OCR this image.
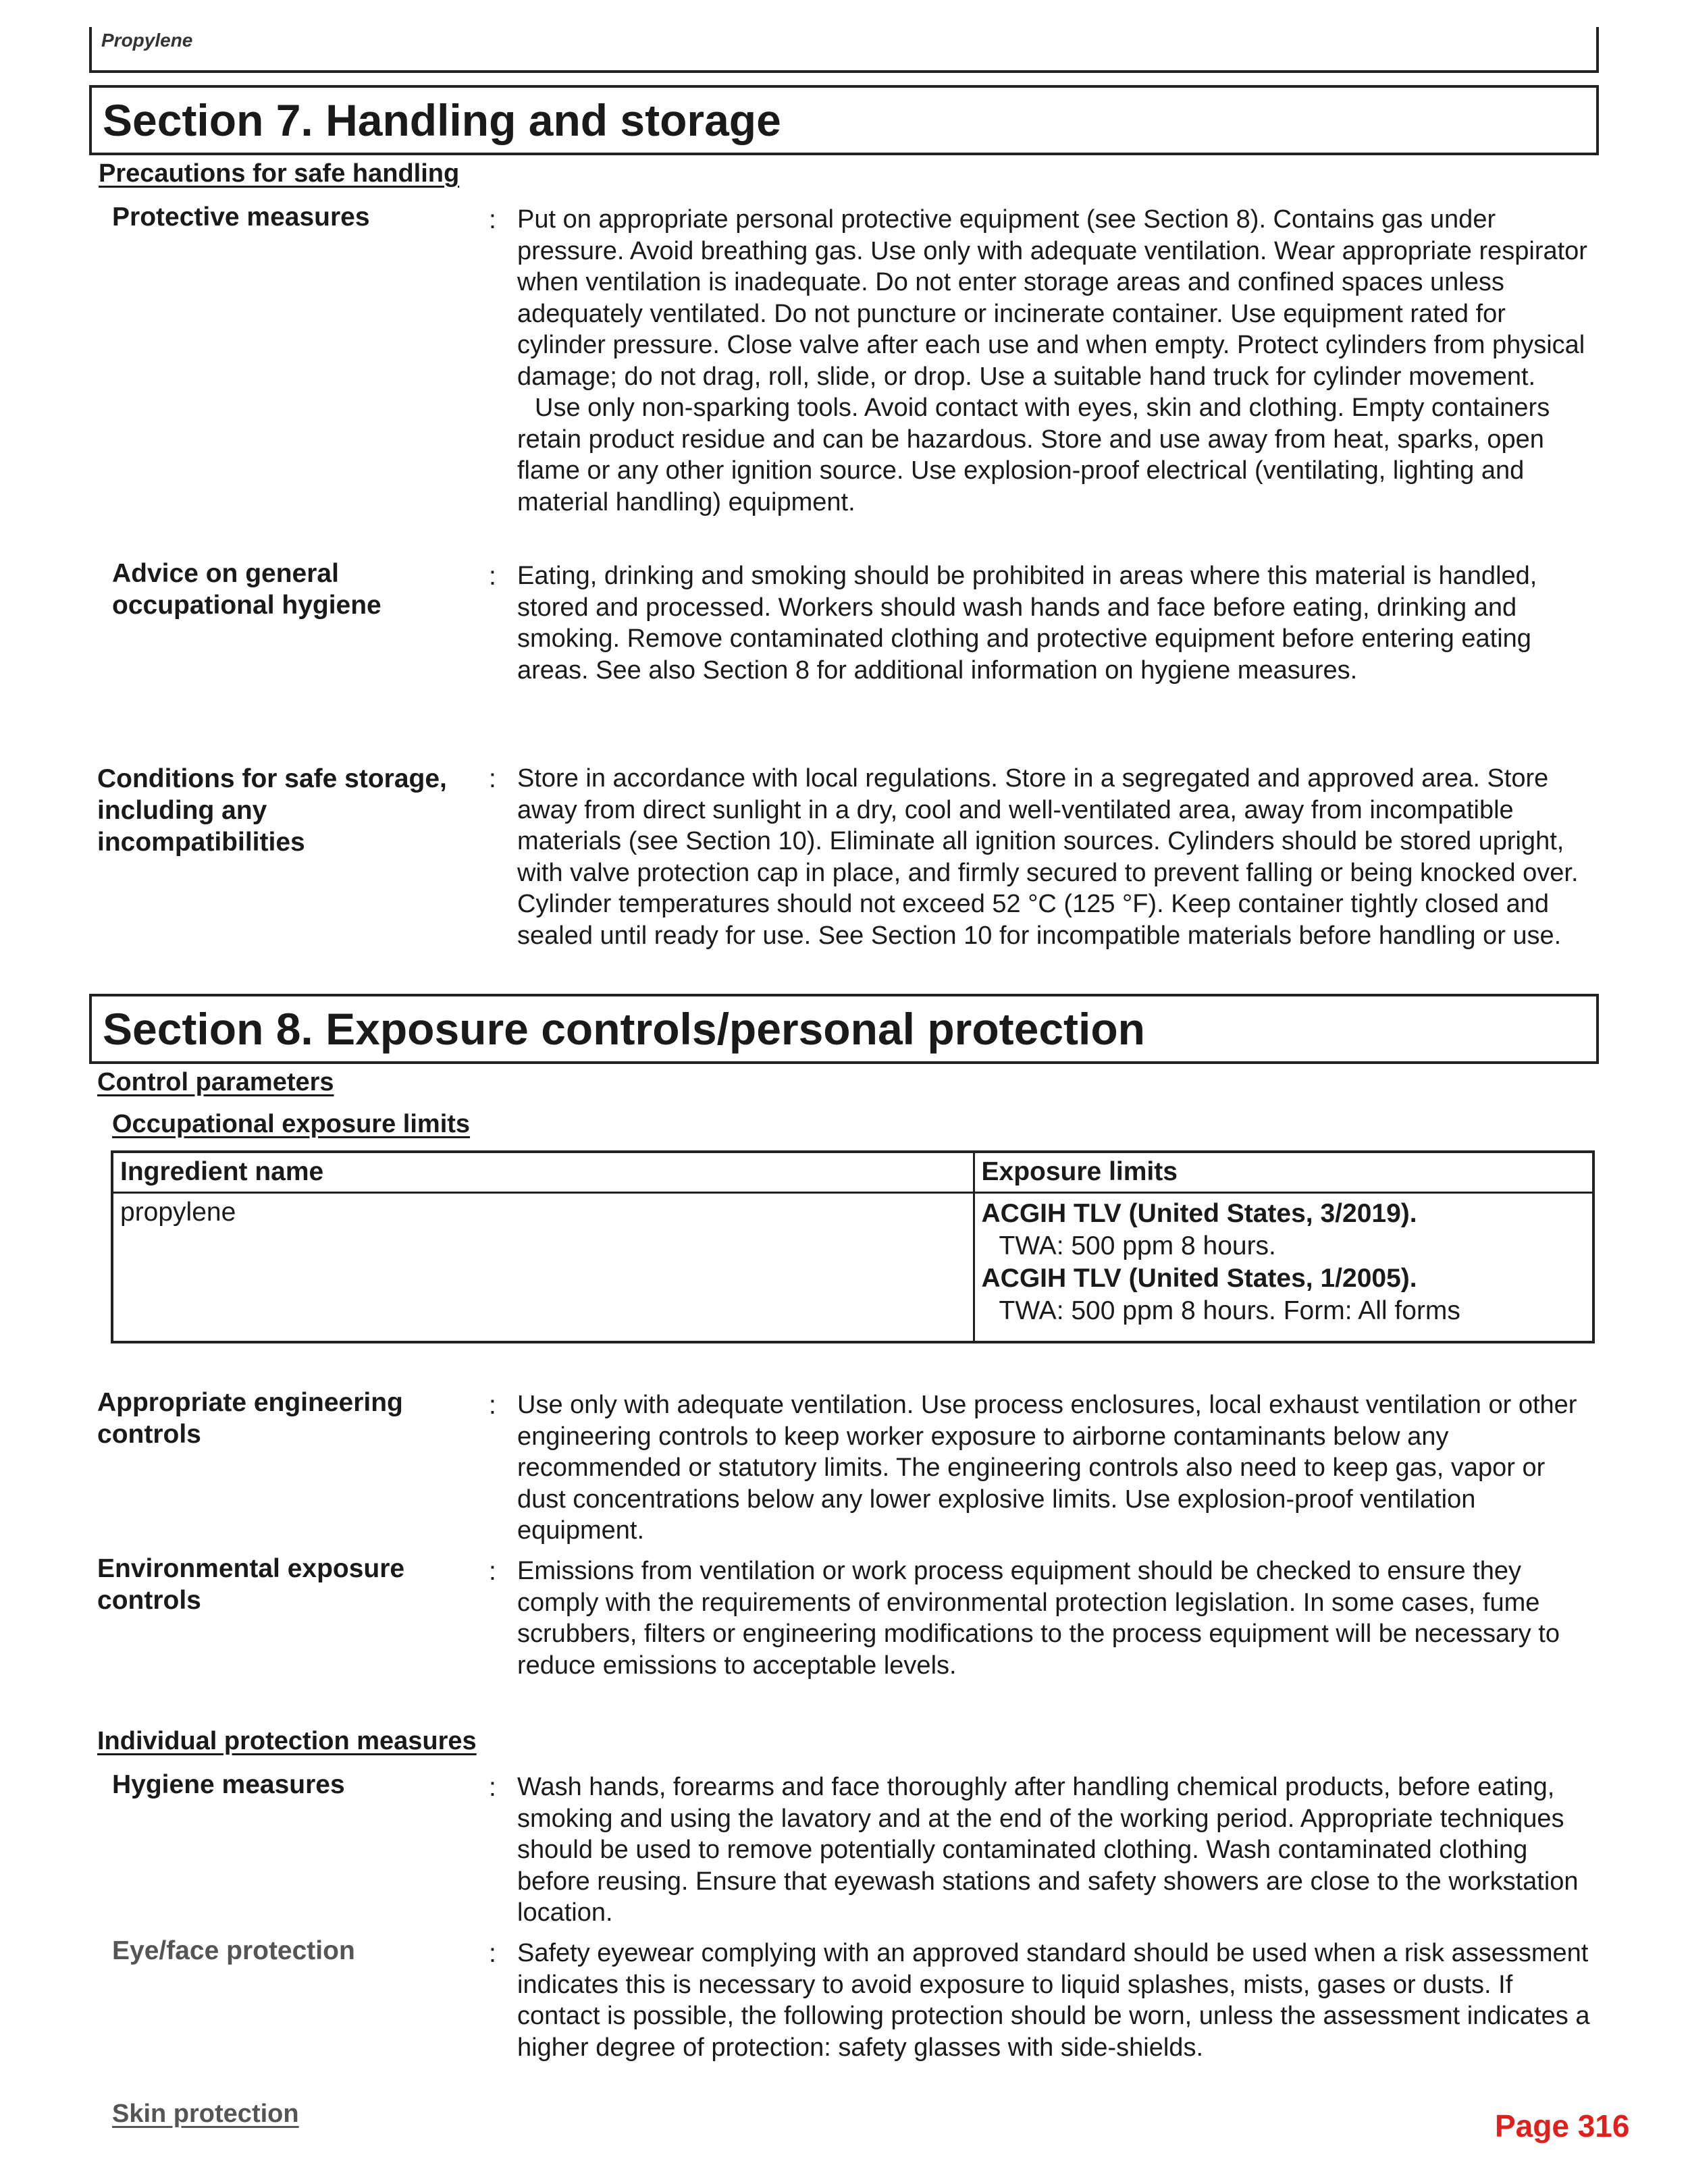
Propylene
Section 7. Handling and storage
Precautions for safe handling
Protective measures	: Put on appropriate personal protective equipment (see Section 8). Contains gas under pressure. Avoid breathing gas. Use only with adequate ventilation. Wear appropriate respirator when ventilation is inadequate. Do not enter storage areas and confined spaces unless adequately ventilated. Do not puncture or incinerate container. Use equipment rated for cylinder pressure. Close valve after each use and when empty. Protect cylinders from physical damage; do not drag, roll, slide, or drop. Use a suitable hand truck for cylinder movement.
Use only non-sparking tools. Avoid contact with eyes, skin and clothing. Empty containers retain product residue and can be hazardous. Store and use away from heat, sparks, open flame or any other ignition source. Use explosion-proof electrical (ventilating, lighting and material handling) equipment.
Advice on general occupational hygiene
: Eating, drinking and smoking should be prohibited in areas where this material is handled, stored and processed. Workers should wash hands and face before eating, drinking and smoking. Remove contaminated clothing and protective equipment before entering eating areas. See also Section 8 for additional information on hygiene measures.
Conditions for safe storage, including any incompatibilities
: Store in accordance with local regulations. Store in a segregated and approved area. Store away from direct sunlight in a dry, cool and well-ventilated area, away from incompatible materials (see Section 10). Eliminate all ignition sources. Cylinders should be stored upright, with valve protection cap in place, and firmly secured to prevent falling or being knocked over. Cylinder temperatures should not exceed 52 °C (125 °F). Keep container tightly closed and sealed until ready for use. See Section 10 for incompatible materials before handling or use.
Section 8. Exposure controls/personal protection
Control parameters
Occupational exposure limits
Ingredient name	Exposure limits
propylene	ACGIH TLV (United States, 3/2019).
TWA: 500 ppm 8 hours.
ACGIH TLV (United States, 1/2005).
TWA: 500 ppm 8 hours. Form: All forms
Appropriate engineering controls
: Use only with adequate ventilation. Use process enclosures, local exhaust ventilation or other engineering controls to keep worker exposure to airborne contaminants below any recommended or statutory limits. The engineering controls also need to keep gas, vapor or dust concentrations below any lower explosive limits. Use explosion-proof ventilation equipment.
Environmental exposure controls
: Emissions from ventilation or work process equipment should be checked to ensure they comply with the requirements of environmental protection legislation. In some cases, fume scrubbers, filters or engineering modifications to the process equipment will be necessary to reduce emissions to acceptable levels.
Individual protection measures
Hygiene measures	: Wash hands, forearms and face thoroughly after handling chemical products, before eating, smoking and using the lavatory and at the end of the working period. Appropriate techniques should be used to remove potentially contaminated clothing. Wash contaminated clothing before reusing. Ensure that eyewash stations and safety showers are close to the workstation location.
Eye/face protection	: Safety eyewear complying with an approved standard should be used when a risk assessment indicates this is necessary to avoid exposure to liquid splashes, mists, gases or dusts. If contact is possible, the following protection should be worn, unless the assessment indicates a higher degree of protection: safety glasses with side-shields.
Skin protection	Page 316
